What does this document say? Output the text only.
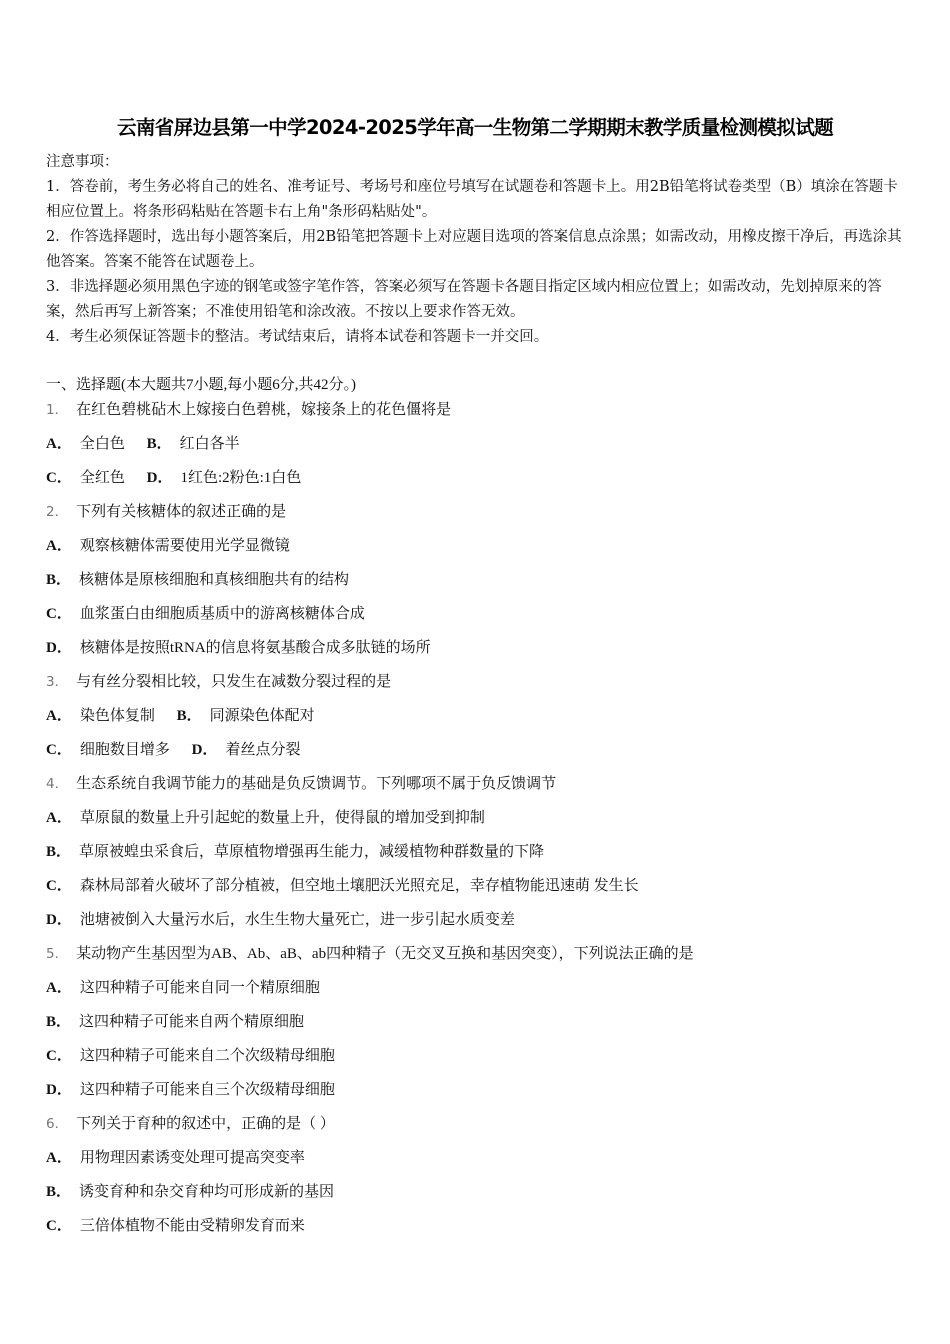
云南省屏边县第一中学2024-2025学年高一生物第二学期期末教学质量检测模拟试题

注意事项：

1．答卷前，考生务必将自己的姓名、准考证号、考场号和座位号填写在试题卷和答题卡上。用2B铅笔将试卷类型（B）填涂在答题卡相应位置上。将条形码粘贴在答题卡右上角"条形码粘贴处"。

2．作答选择题时，选出每小题答案后，用2B铅笔把答题卡上对应题目选项的答案信息点涂黑；如需改动，用橡皮擦干净后，再选涂其他答案。答案不能答在试题卷上。

3．非选择题必须用黑色字迹的钢笔或签字笔作答，答案必须写在答题卡各题目指定区域内相应位置上；如需改动，先划掉原来的答案，然后再写上新答案；不准使用铅笔和涂改液。不按以上要求作答无效。

4．考生必须保证答题卡的整洁。考试结束后，请将本试卷和答题卡一并交回。

一、选择题(本大题共7小题,每小题6分,共42分。)
1． 在红色碧桃砧木上嫁接白色碧桃，嫁接条上的花色僵将是
A． 全白色 B． 红白各半
C． 全红色 D． 1红色:2粉色:1白色
2． 下列有关核糖体的叙述正确的是
A． 观察核糖体需要使用光学显微镜
B． 核糖体是原核细胞和真核细胞共有的结构
C． 血浆蛋白由细胞质基质中的游离核糖体合成
D． 核糖体是按照tRNA的信息将氨基酸合成多肽链的场所
3． 与有丝分裂相比较，只发生在减数分裂过程的是
A． 染色体复制 B． 同源染色体配对
C． 细胞数目增多 D． 着丝点分裂
4． 生态系统自我调节能力的基础是负反馈调节。下列哪项不属于负反馈调节
A． 草原鼠的数量上升引起蛇的数量上升，使得鼠的增加受到抑制
B． 草原被蝗虫采食后，草原植物增强再生能力，减缓植物种群数量的下降
C． 森林局部着火破坏了部分植被，但空地土壤肥沃光照充足，幸存植物能迅速萌 发生长
D． 池塘被倒入大量污水后，水生生物大量死亡，进一步引起水质变差
5． 某动物产生基因型为AB、Ab、aB、ab四种精子（无交叉互换和基因突变），下列说法正确的是
A． 这四种精子可能来自同一个精原细胞
B． 这四种精子可能来自两个精原细胞
C． 这四种精子可能来自二个次级精母细胞
D． 这四种精子可能来自三个次级精母细胞
6． 下列关于育种的叙述中，正确的是（ ）
A． 用物理因素诱变处理可提高突变率
B． 诱变育种和杂交育种均可形成新的基因
C． 三倍体植物不能由受精卵发育而来
